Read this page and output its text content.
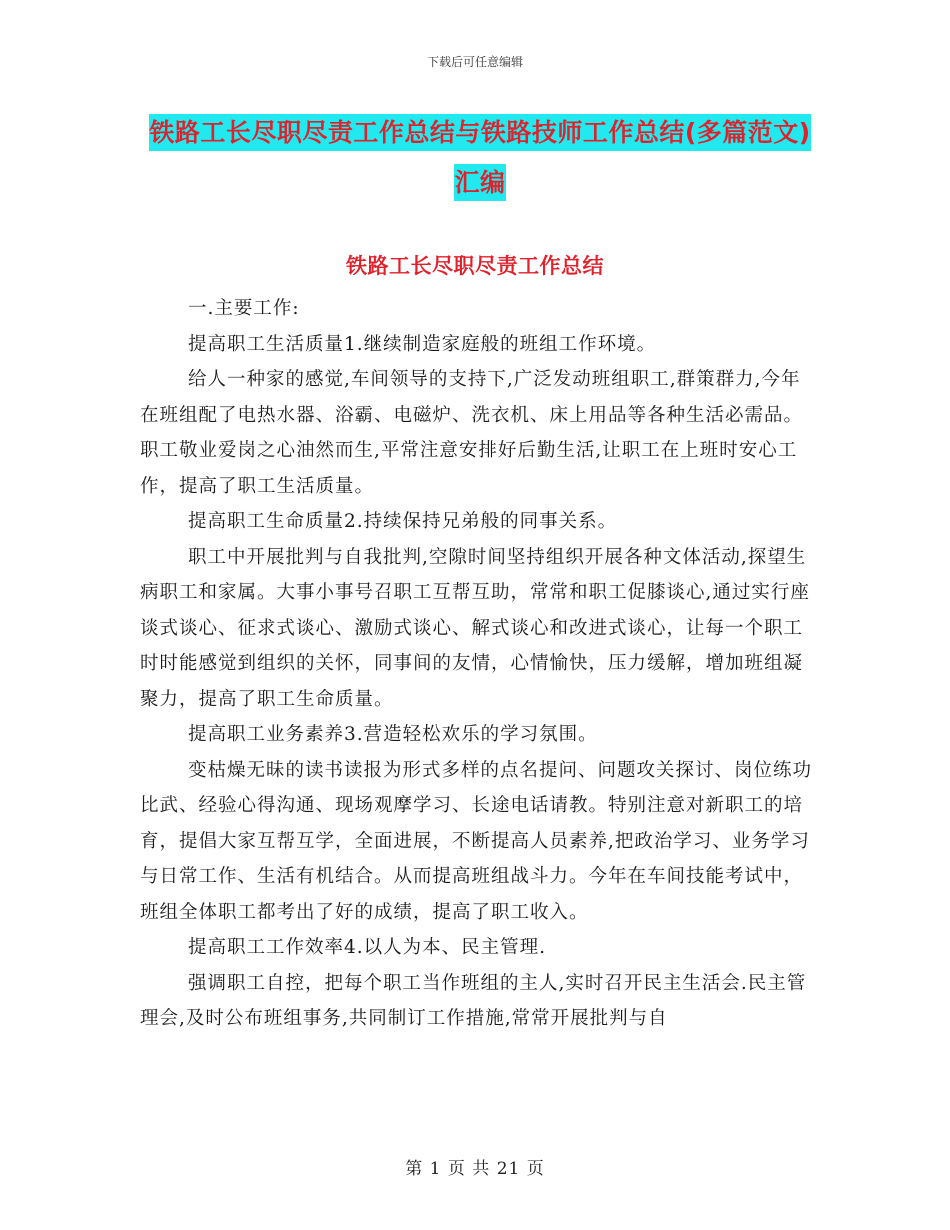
下载后可任意编辑
铁路工长尽职尽责工作总结与铁路技师工作总结(多篇范文)汇编
铁路工长尽职尽责工作总结

一.主要工作:

提高职工生活质量1.继续制造家庭般的班组工作环境。

给人一种家的感觉,车间领导的支持下,广泛发动班组职工,群策群力,今年在班组配了电热水器、浴霸、电磁炉、洗衣机、床上用品等各种生活必需品。职工敬业爱岗之心油然而生,平常注意安排好后勤生活,让职工在上班时安心工作，提高了职工生活质量。

提高职工生命质量2.持续保持兄弟般的同事关系。

职工中开展批判与自我批判,空隙时间坚持组织开展各种文体活动,探望生病职工和家属。大事小事号召职工互帮互助，常常和职工促膝谈心,通过实行座谈式谈心、征求式谈心、激励式谈心、解式谈心和改进式谈心，让每一个职工时时能感觉到组织的关怀，同事间的友情，心情愉快，压力缓解，增加班组凝聚力，提高了职工生命质量。

提高职工业务素养3.营造轻松欢乐的学习氛围。

变枯燥无昧的读书读报为形式多样的点名提问、问题攻关探讨、岗位练功比武、经验心得沟通、现场观摩学习、长途电话请教。特别注意对新职工的培育，提倡大家互帮互学，全面进展，不断提高人员素养,把政治学习、业务学习与日常工作、生活有机结合。从而提高班组战斗力。今年在车间技能考试中，班组全体职工都考出了好的成绩，提高了职工收入。

提高职工工作效率4.以人为本、民主管理.

强调职工自控，把每个职工当作班组的主人,实时召开民主生活会.民主管理会,及时公布班组事务,共同制订工作措施,常常开展批判与自

第 1 页 共 21 页
